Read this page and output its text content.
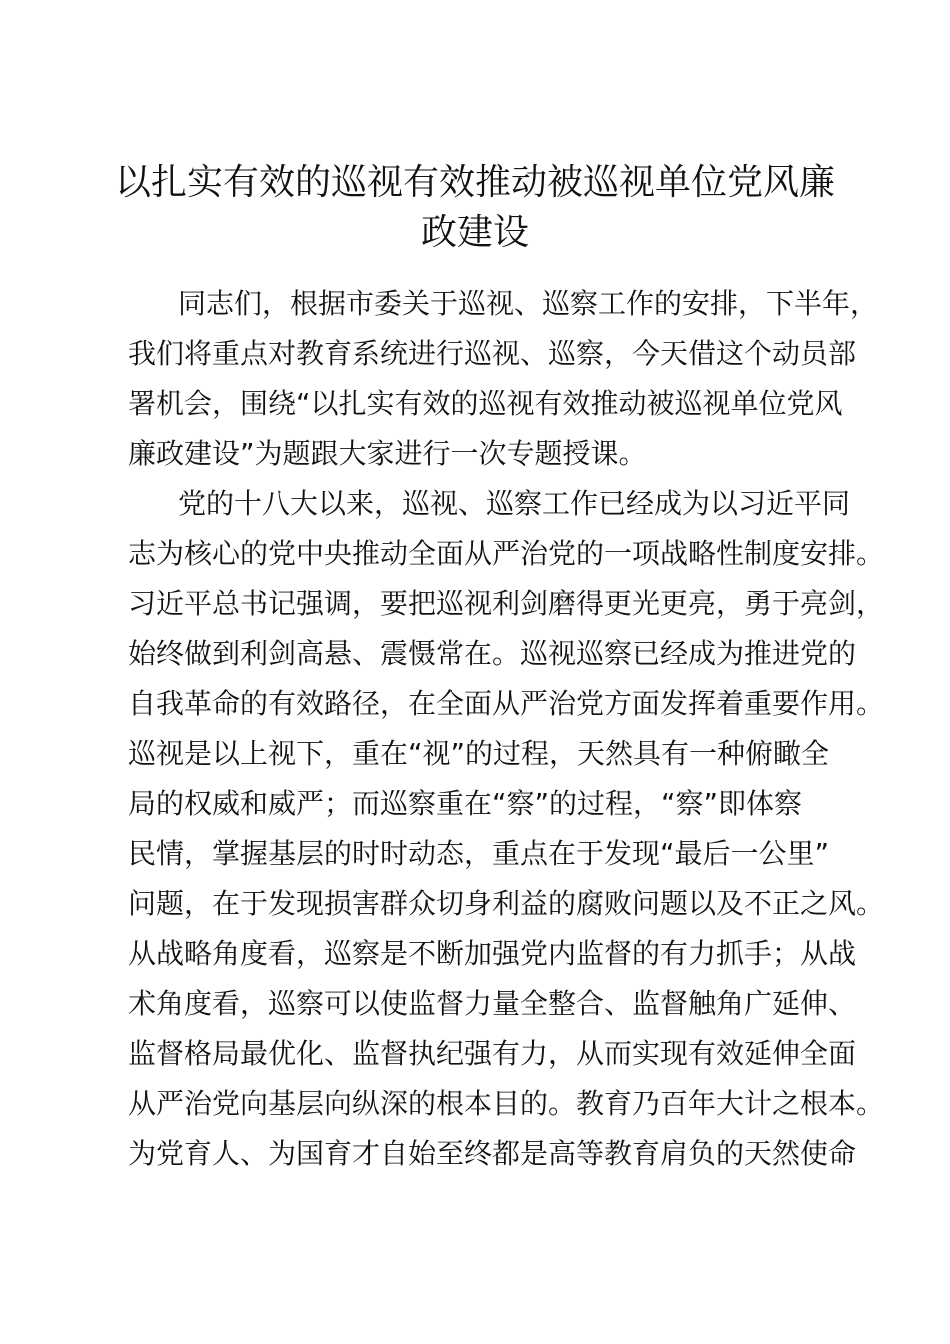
以扎实有效的巡视有效推动被巡视单位党风廉
政建设

同志们，根据市委关于巡视、巡察工作的安排，下半年，

我们将重点对教育系统进行巡视、巡察，今天借这个动员部

署机会，围绕“以扎实有效的巡视有效推动被巡视单位党风

廉政建设”为题跟大家进行一次专题授课。

党的十八大以来，巡视、巡察工作已经成为以习近平同

志为核心的党中央推动全面从严治党的一项战略性制度安排。

习近平总书记强调，要把巡视利剑磨得更光更亮，勇于亮剑，

始终做到利剑高悬、震慑常在。巡视巡察已经成为推进党的

自我革命的有效路径，在全面从严治党方面发挥着重要作用。

巡视是以上视下，重在“视”的过程，天然具有一种俯瞰全

局的权威和威严；而巡察重在“察”的过程，“察”即体察

民情，掌握基层的时时动态，重点在于发现“最后一公里”

问题，在于发现损害群众切身利益的腐败问题以及不正之风。

从战略角度看，巡察是不断加强党内监督的有力抓手；从战

术角度看，巡察可以使监督力量全整合、监督触角广延伸、

监督格局最优化、监督执纪强有力，从而实现有效延伸全面

从严治党向基层向纵深的根本目的。教育乃百年大计之根本。

为党育人、为国育才自始至终都是高等教育肩负的天然使命
